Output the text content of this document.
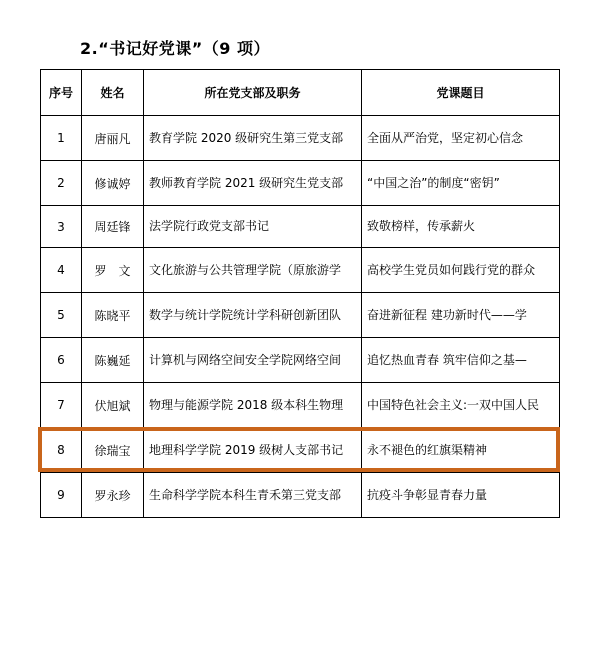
2.“书记好党课”（9 项）
序号	姓名	所在党支部及职务	党课题目
1	唐丽凡	教育学院 2020 级研究生第三党支部	全面从严治党，坚定初心信念

2	修诚婷	教师教育学院 2021 级研究生党支部	“中国之治”的制度“密钥”

3	周廷锋	法学院行政党支部书记	致敬榜样，传承薪火

4	罗　文	文化旅游与公共管理学院（原旅游学	高校学生党员如何践行党的群众

5	陈晓平	数学与统计学院统计学科研创新团队	奋进新征程 建功新时代——学

6	陈巍延	计算机与网络空间安全学院网络空间	追忆热血青春 筑牢信仰之基—

7	伏旭斌	物理与能源学院 2018 级本科生物理	中国特色社会主义:一双中国人民

8	徐瑞宝	地理科学学院 2019 级树人支部书记	永不褪色的红旗渠精神

9	罗永珍	生命科学学院本科生青禾第三党支部	抗疫斗争彰显青春力量
